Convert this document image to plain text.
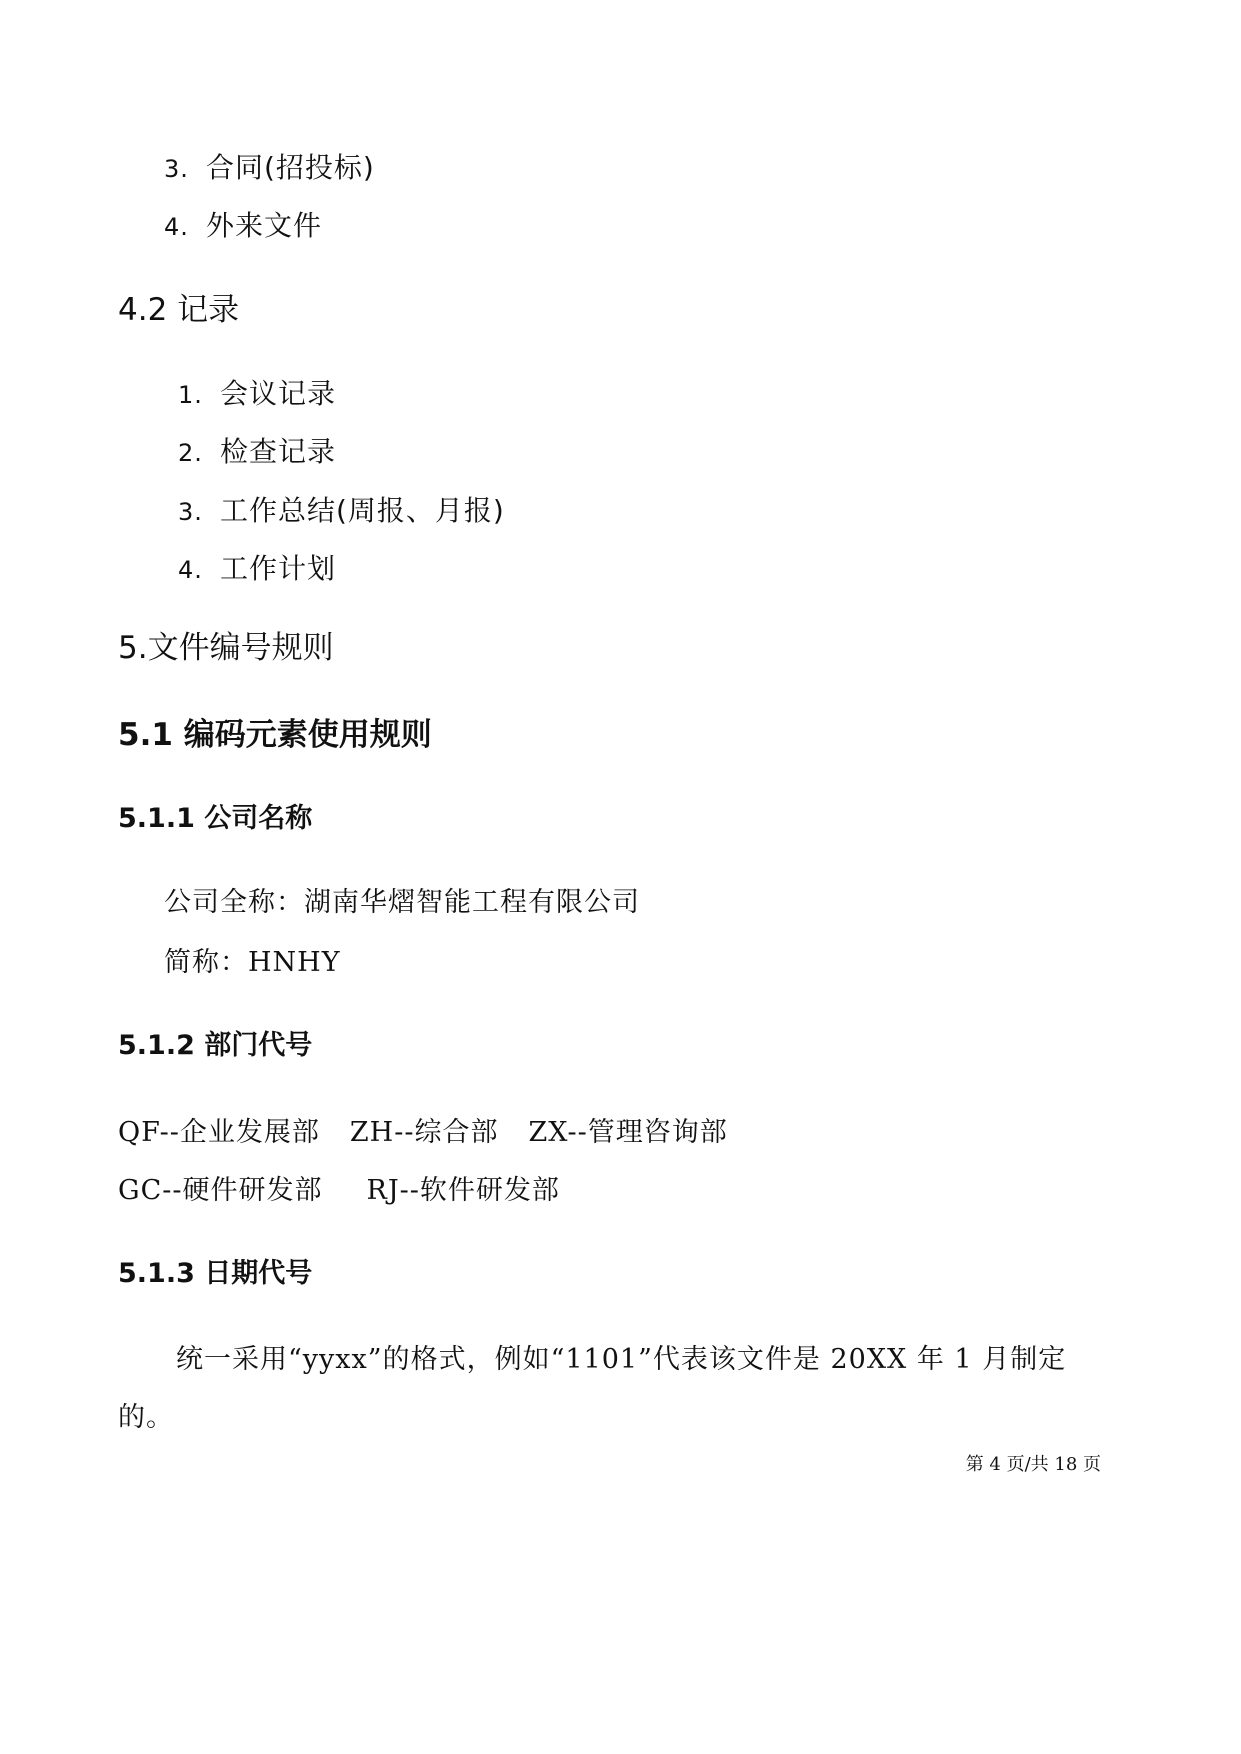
3. 合同(招投标)
4. 外来文件
4.2 记录
1. 会议记录
2. 检查记录
3. 工作总结(周报、月报)
4. 工作计划
5.文件编号规则
5.1 编码元素使用规则
5.1.1 公司名称
公司全称：湖南华熠智能工程有限公司
简称：HNHY
5.1.2 部门代号
QF--企业发展部 ZH--综合部 ZX--管理咨询部
GC--硬件研发部 RJ--软件研发部
5.1.3 日期代号
统一采用“yyxx”的格式，例如“1101”代表该文件是 20XX 年 1 月制定
的。
第 4 页/共 18 页
